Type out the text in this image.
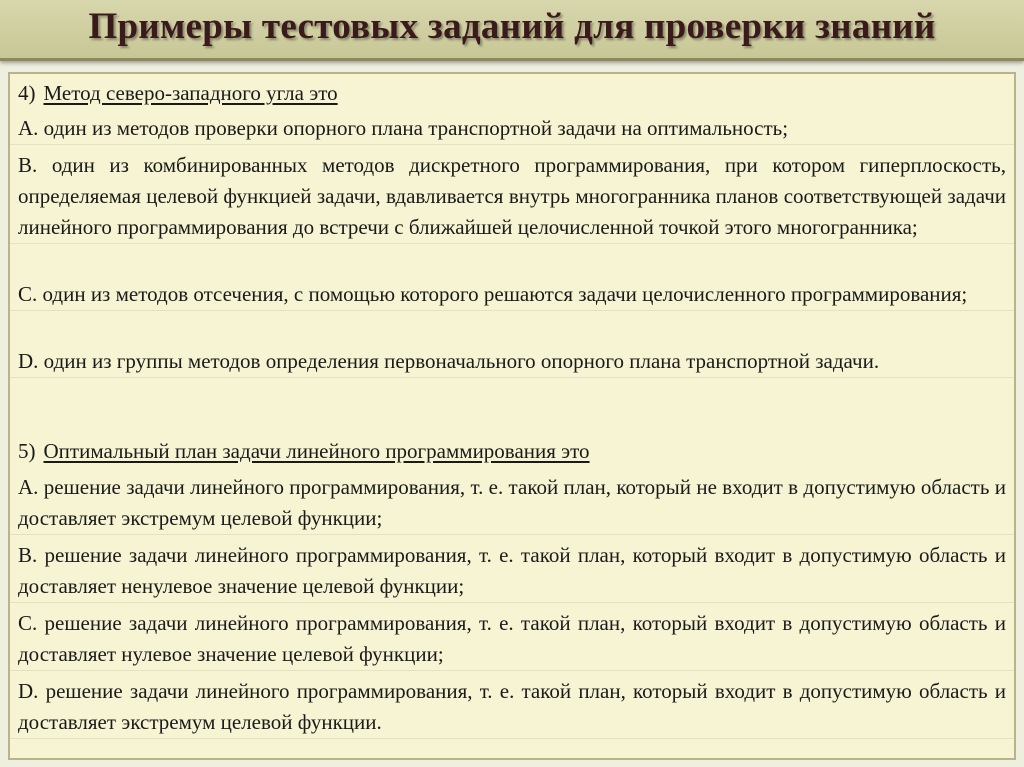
Примеры тестовых заданий для проверки знаний
4) Метод северо-западного угла это
A. один из методов проверки опорного плана транспортной задачи на оптимальность;
B. один из комбинированных методов дискретного программирования, при котором гиперплоскость, определяемая целевой функцией задачи, вдавливается внутрь многогранника планов соответствующей задачи линейного программирования до встречи с ближайшей целочисленной точкой этого многогранника;
C. один из методов отсечения, с помощью которого решаются задачи целочисленного программирования;
D. один из группы методов определения первоначального опорного плана транспортной задачи.
5) Оптимальный план задачи линейного программирования это
A. решение задачи линейного программирования, т. е. такой план, который не входит в допустимую область и доставляет экстремум целевой функции;
B. решение задачи линейного программирования, т. е. такой план, который входит в допустимую область и доставляет ненулевое значение целевой функции;
C. решение задачи линейного программирования, т. е. такой план, который входит в допустимую область и доставляет нулевое значение целевой функции;
D. решение задачи линейного программирования, т. е. такой план, который входит в допустимую область и доставляет экстремум целевой функции.
